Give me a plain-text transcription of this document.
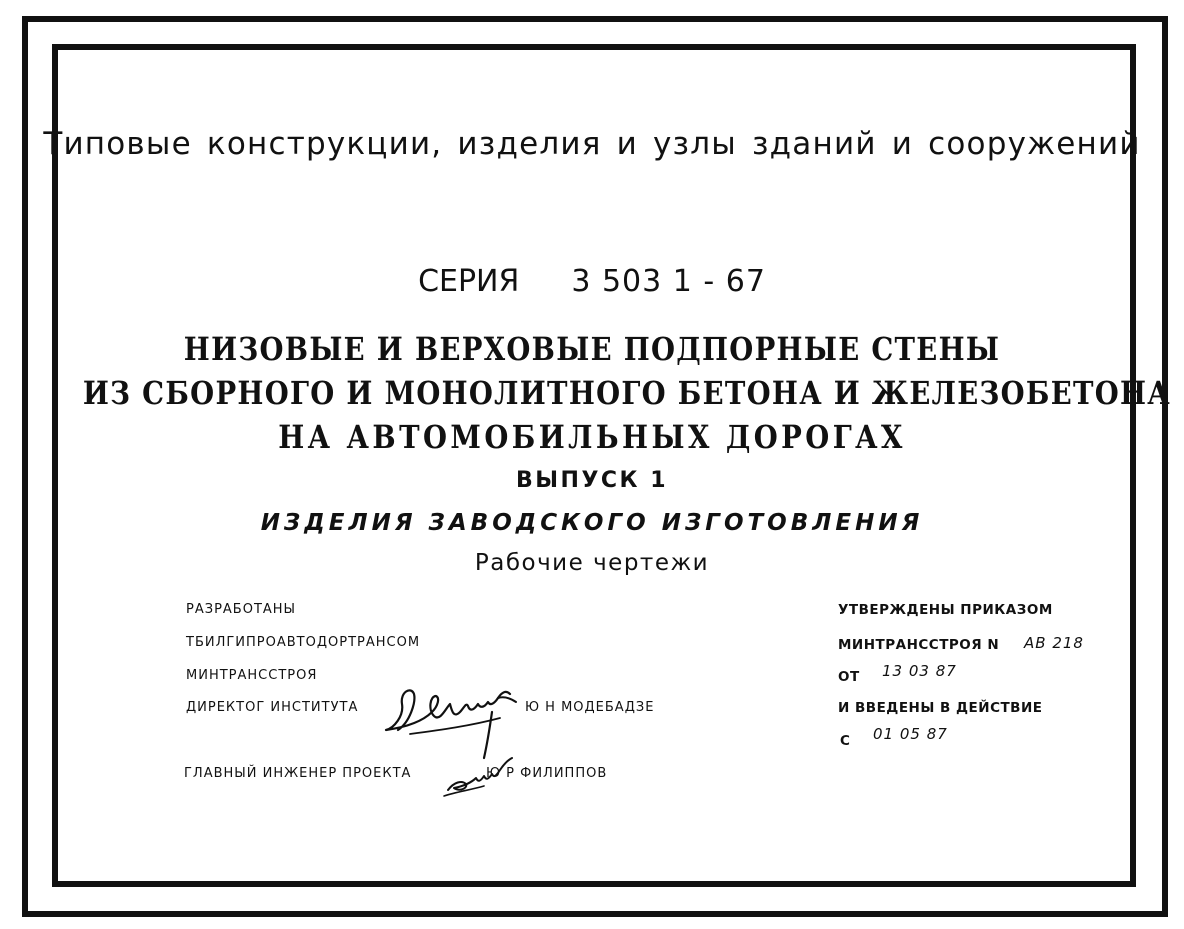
Типовые конструкции, изделия и узлы зданий и сооружений
СЕРИЯ 3 503 1 - 67
НИЗОВЫЕ И ВЕРХОВЫЕ ПОДПОРНЫЕ СТЕНЫ
ИЗ СБОРНОГО И МОНОЛИТНОГО БЕТОНА И ЖЕЛЕЗОБЕТОНА
НА АВТОМОБИЛЬНЫХ ДОРОГАХ
ВЫПУСК 1
ИЗДЕЛИЯ ЗАВОДСКОГО ИЗГОТОВЛЕНИЯ
Рабочие чертежи
РАЗРАБОТАНЫ
ТБИЛГИПРОАВТОДОРТРАНСОМ
МИНТРАНССТРОЯ
ДИРЕКТОГ ИНСТИТУТА	Ю Н МОДЕБАДЗЕ
ГЛАВНЫЙ ИНЖЕНЕР ПРОЕКТА	Ю Р ФИЛИППОВ
УТВЕРЖДЕНЫ ПРИКАЗОМ
МИНТРАНССТРОЯ N АВ 218
ОТ 13 03 87
И ВВЕДЕНЫ В ДЕЙСТВИЕ
С 01 05 87
